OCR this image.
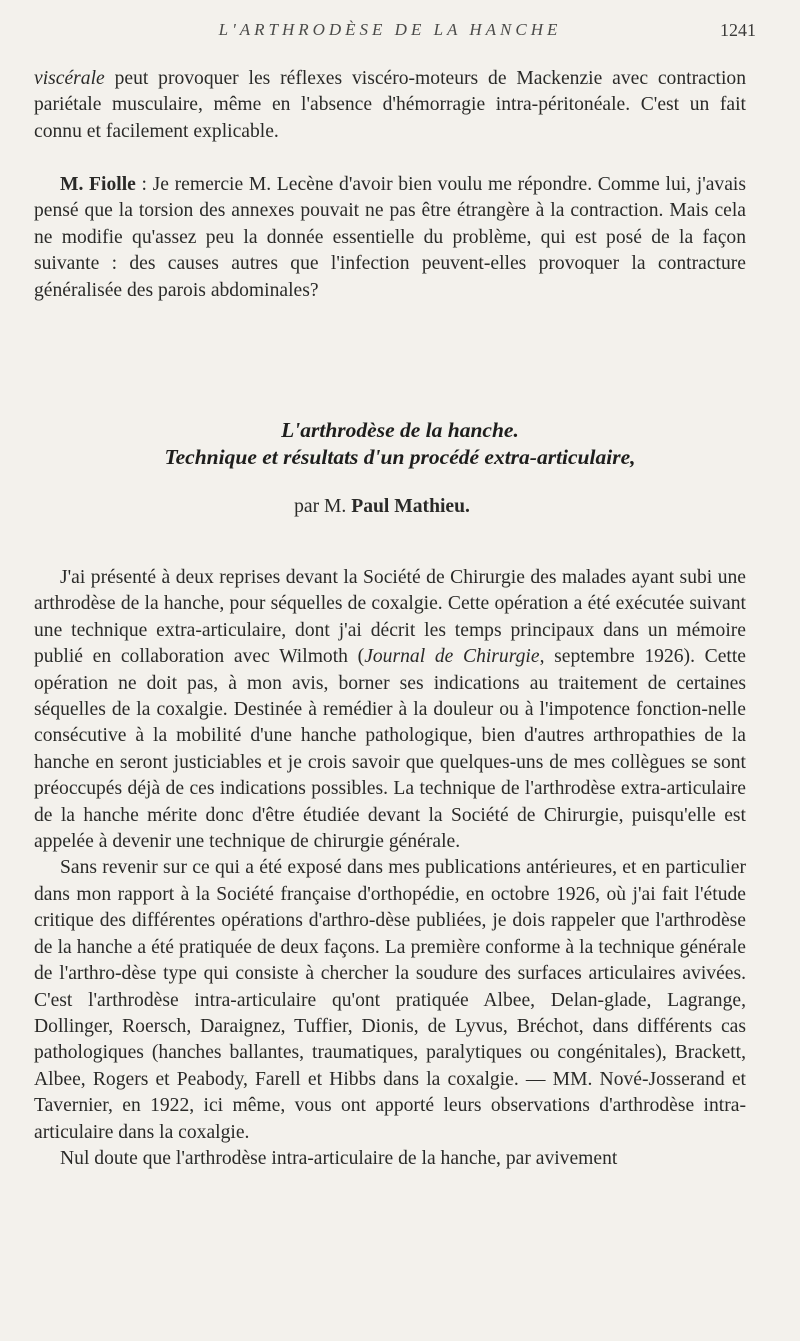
L'ARTHRODÈSE DE LA HANCHE	1241

viscérale peut provoquer les réflexes viscéro-moteurs de Mackenzie avec contraction pariétale musculaire, même en l'absence d'hémorragie intra-péritonéale. C'est un fait connu et facilement explicable.

M. Fiolle : Je remercie M. Lecène d'avoir bien voulu me répondre. Comme lui, j'avais pensé que la torsion des annexes pouvait ne pas être étrangère à la contraction. Mais cela ne modifie qu'assez peu la donnée essentielle du problème, qui est posé de la façon suivante : des causes autres que l'infection peuvent-elles provoquer la contracture généralisée des parois abdominales?

L'arthrodèse de la hanche.
Technique et résultats d'un procédé extra-articulaire,
par M. Paul Mathieu.

J'ai présenté à deux reprises devant la Société de Chirurgie des malades ayant subi une arthrodèse de la hanche, pour séquelles de coxalgie. Cette opération a été exécutée suivant une technique extra-articulaire, dont j'ai décrit les temps principaux dans un mémoire publié en collaboration avec Wilmoth (Journal de Chirurgie, septembre 1926). Cette opération ne doit pas, à mon avis, borner ses indications au traitement de certaines séquelles de la coxalgie. Destinée à remédier à la douleur ou à l'impotence fonction-nelle consécutive à la mobilité d'une hanche pathologique, bien d'autres arthropathies de la hanche en seront justiciables et je crois savoir que quelques-uns de mes collègues se sont préoccupés déjà de ces indications possibles. La technique de l'arthrodèse extra-articulaire de la hanche mérite donc d'être étudiée devant la Société de Chirurgie, puisqu'elle est appelée à devenir une technique de chirurgie générale.

Sans revenir sur ce qui a été exposé dans mes publications antérieures, et en particulier dans mon rapport à la Société française d'orthopédie, en octobre 1926, où j'ai fait l'étude critique des différentes opérations d'arthro-dèse publiées, je dois rappeler que l'arthrodèse de la hanche a été pratiquée de deux façons. La première conforme à la technique générale de l'arthro-dèse type qui consiste à chercher la soudure des surfaces articulaires avivées. C'est l'arthrodèse intra-articulaire qu'ont pratiquée Albee, Delan-glade, Lagrange, Dollinger, Roersch, Daraignez, Tuffier, Dionis, de Lyvus, Bréchot, dans différents cas pathologiques (hanches ballantes, traumatiques, paralytiques ou congénitales), Brackett, Albee, Rogers et Peabody, Farell et Hibbs dans la coxalgie. — MM. Nové-Josserand et Tavernier, en 1922, ici même, vous ont apporté leurs observations d'arthrodèse intra-articulaire dans la coxalgie.

Nul doute que l'arthrodèse intra-articulaire de la hanche, par avivement
